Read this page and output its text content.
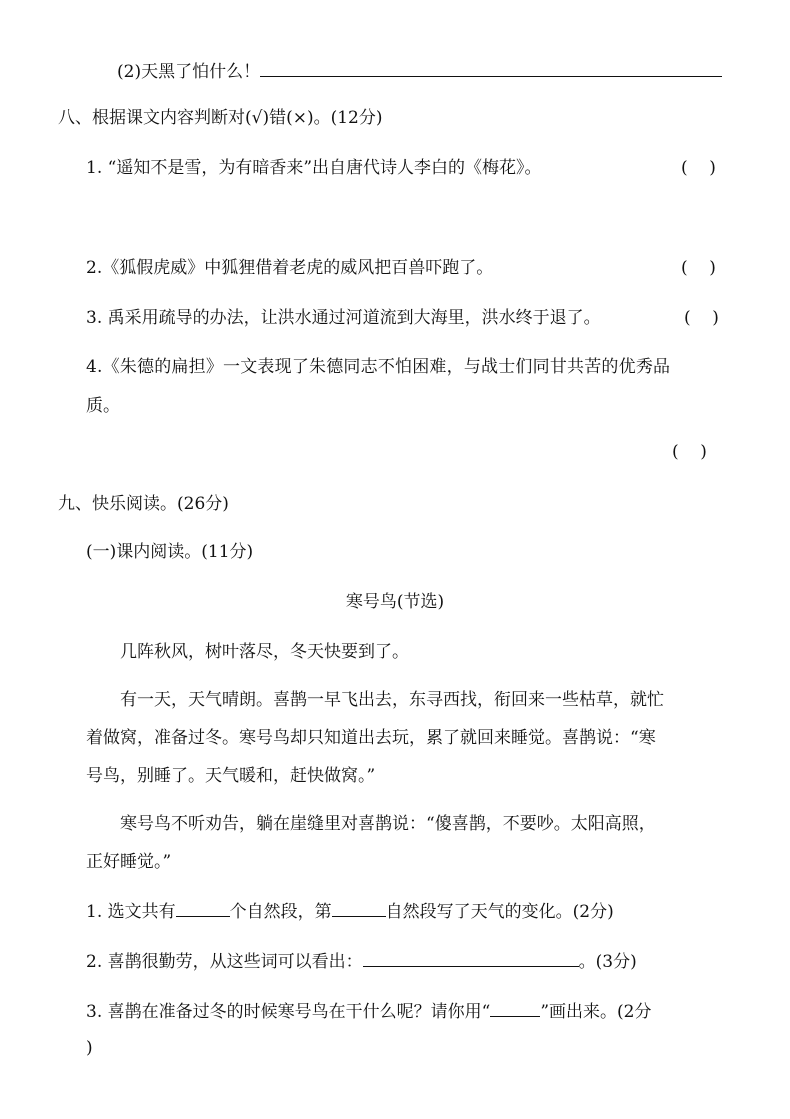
(2)天黑了怕什么！
八、根据课文内容判断对(√)错(×)。(12分)
1. “遥知不是雪，为有暗香来”出自唐代诗人李白的《梅花》。	(    )
2.《狐假虎威》中狐狸借着老虎的威风把百兽吓跑了。	(    )
3. 禹采用疏导的办法，让洪水通过河道流到大海里，洪水终于退了。	(    )
4.《朱德的扁担》一文表现了朱德同志不怕困难，与战士们同甘共苦的优秀品
质。
(    )
九、快乐阅读。(26分)
(一)课内阅读。(11分)
寒号鸟(节选)
几阵秋风，树叶落尽，冬天快要到了。
有一天，天气晴朗。喜鹊一早飞出去，东寻西找，衔回来一些枯草，就忙
着做窝，准备过冬。寒号鸟却只知道出去玩，累了就回来睡觉。喜鹊说：“寒
号鸟，别睡了。天气暖和，赶快做窝。”
寒号鸟不听劝告，躺在崖缝里对喜鹊说：“傻喜鹊，不要吵。太阳高照，
正好睡觉。”
1. 选文共有	个自然段，第	自然段写了天气的变化。(2分)
2. 喜鹊很勤劳，从这些词可以看出：	。(3分)
3. 喜鹊在准备过冬的时候寒号鸟在干什么呢？请你用“	”画出来。(2分
)
